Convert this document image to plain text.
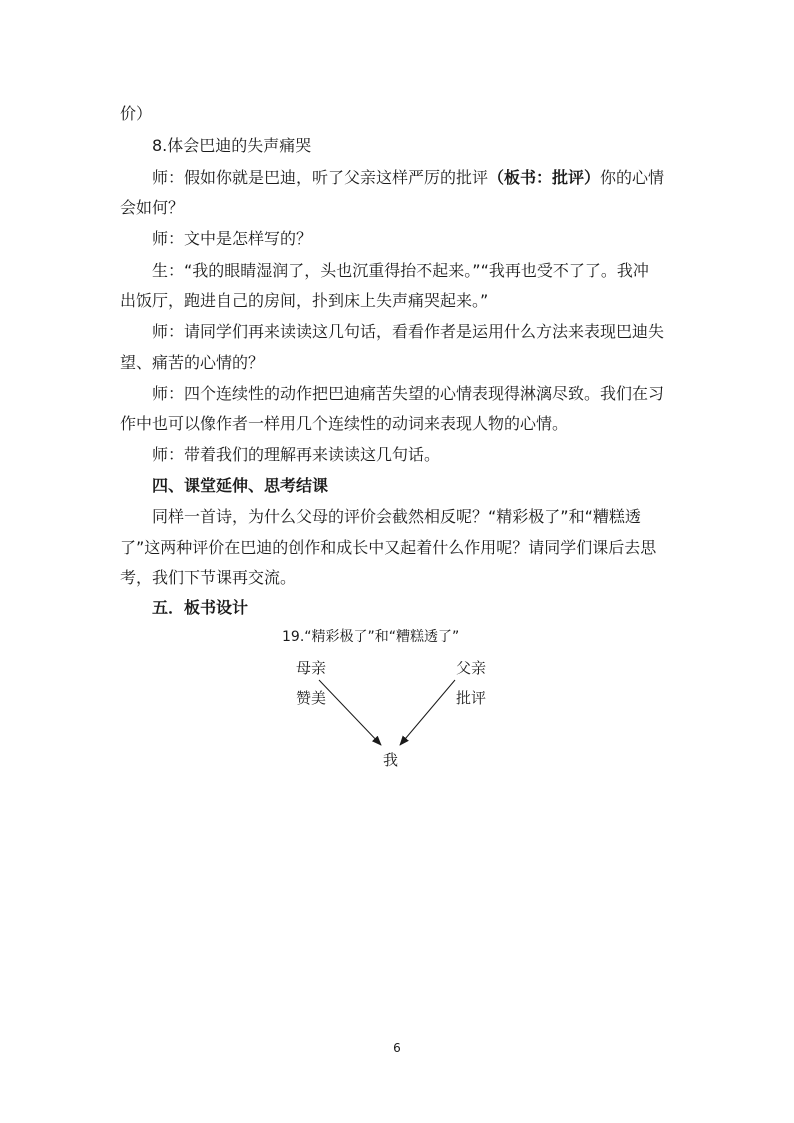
价）
8.体会巴迪的失声痛哭
师：假如你就是巴迪，听了父亲这样严厉的批评（板书：批评）你的心情
会如何？
师：文中是怎样写的？
生：“我的眼睛湿润了，头也沉重得抬不起来。”“我再也受不了了。我冲
出饭厅，跑进自己的房间，扑到床上失声痛哭起来。”
师：请同学们再来读读这几句话，看看作者是运用什么方法来表现巴迪失
望、痛苦的心情的？
师：四个连续性的动作把巴迪痛苦失望的心情表现得淋漓尽致。我们在习
作中也可以像作者一样用几个连续性的动词来表现人物的心情。
师：带着我们的理解再来读读这几句话。
四、课堂延伸、思考结课
同样一首诗，为什么父母的评价会截然相反呢？“精彩极了”和“糟糕透
了”这两种评价在巴迪的创作和成长中又起着什么作用呢？请同学们课后去思
考，我们下节课再交流。
五．板书设计
19.“精彩极了”和“糟糕透了”
母亲
赞美
父亲
批评
我
6
